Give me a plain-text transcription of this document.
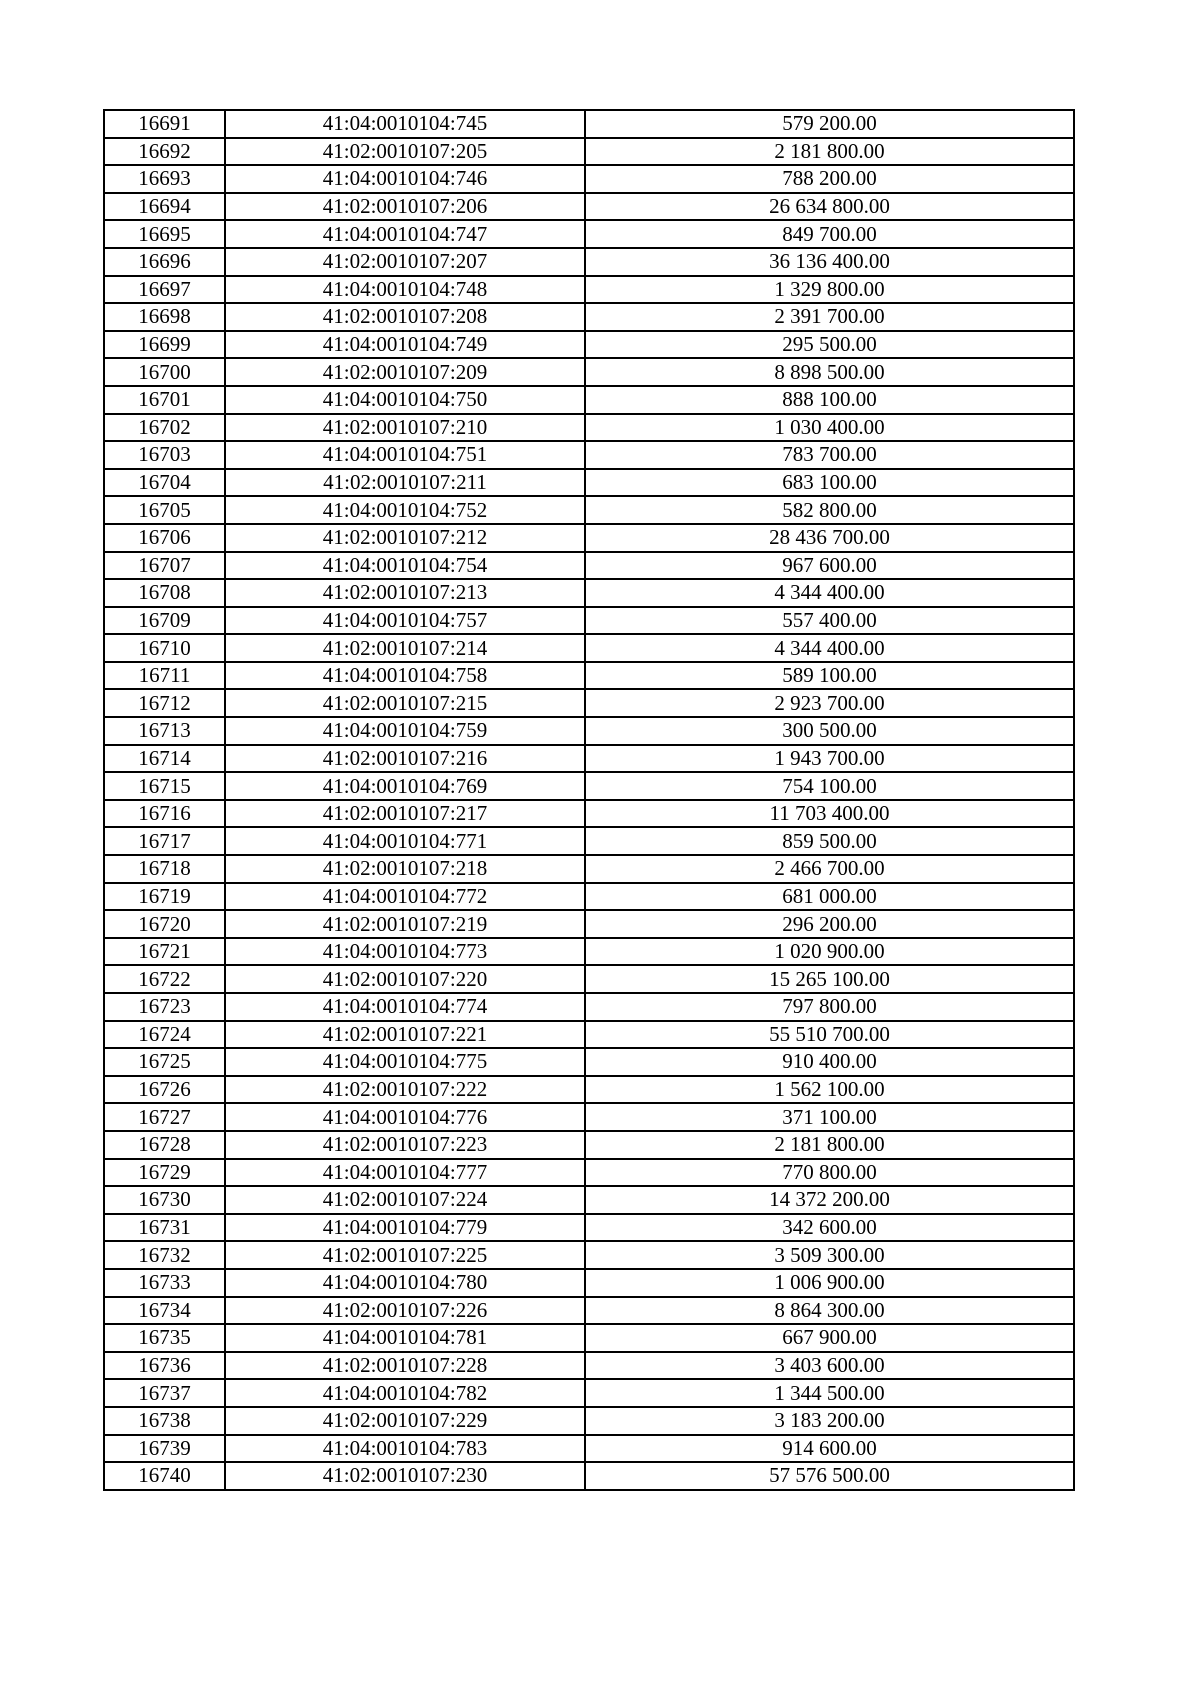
16691	41:04:0010104:745	579 200.00
16692	41:02:0010107:205	2 181 800.00
16693	41:04:0010104:746	788 200.00
16694	41:02:0010107:206	26 634 800.00
16695	41:04:0010104:747	849 700.00
16696	41:02:0010107:207	36 136 400.00
16697	41:04:0010104:748	1 329 800.00
16698	41:02:0010107:208	2 391 700.00
16699	41:04:0010104:749	295 500.00
16700	41:02:0010107:209	8 898 500.00
16701	41:04:0010104:750	888 100.00
16702	41:02:0010107:210	1 030 400.00
16703	41:04:0010104:751	783 700.00
16704	41:02:0010107:211	683 100.00
16705	41:04:0010104:752	582 800.00
16706	41:02:0010107:212	28 436 700.00
16707	41:04:0010104:754	967 600.00
16708	41:02:0010107:213	4 344 400.00
16709	41:04:0010104:757	557 400.00
16710	41:02:0010107:214	4 344 400.00
16711	41:04:0010104:758	589 100.00
16712	41:02:0010107:215	2 923 700.00
16713	41:04:0010104:759	300 500.00
16714	41:02:0010107:216	1 943 700.00
16715	41:04:0010104:769	754 100.00
16716	41:02:0010107:217	11 703 400.00
16717	41:04:0010104:771	859 500.00
16718	41:02:0010107:218	2 466 700.00
16719	41:04:0010104:772	681 000.00
16720	41:02:0010107:219	296 200.00
16721	41:04:0010104:773	1 020 900.00
16722	41:02:0010107:220	15 265 100.00
16723	41:04:0010104:774	797 800.00
16724	41:02:0010107:221	55 510 700.00
16725	41:04:0010104:775	910 400.00
16726	41:02:0010107:222	1 562 100.00
16727	41:04:0010104:776	371 100.00
16728	41:02:0010107:223	2 181 800.00
16729	41:04:0010104:777	770 800.00
16730	41:02:0010107:224	14 372 200.00
16731	41:04:0010104:779	342 600.00
16732	41:02:0010107:225	3 509 300.00
16733	41:04:0010104:780	1 006 900.00
16734	41:02:0010107:226	8 864 300.00
16735	41:04:0010104:781	667 900.00
16736	41:02:0010107:228	3 403 600.00
16737	41:04:0010104:782	1 344 500.00
16738	41:02:0010107:229	3 183 200.00
16739	41:04:0010104:783	914 600.00
16740	41:02:0010107:230	57 576 500.00
